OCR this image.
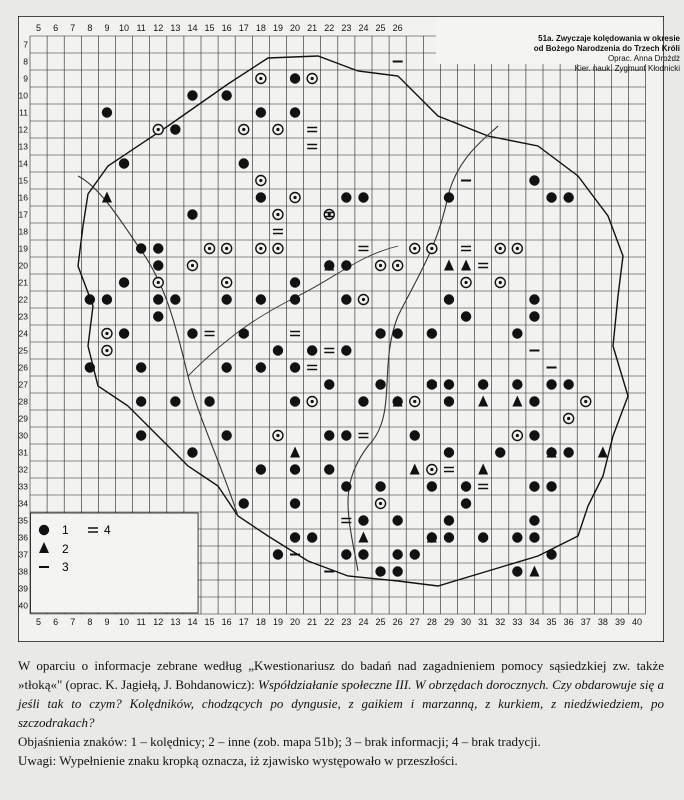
5 6 7 8 9 10 11 12 13 14 15 16 17 18 19 20 21 22 23 24 25 26
5 6 7 8 9 10 11 12 13 14 15 16 17 18 19 20 21 22 23 24 25 26 27 28 29 30 31 32 33 34 35 36 37 38 39 40
7
8
9
10
11
12
13
14
15
16
17
18
19
20
21
22
23
24
25
26
27
28
29
30
31
32
33
34
35
36
37
38
39
40
1	4
2
3
51a. Zwyczaje kolędowania w okresie
od Bożego Narodzenia do Trzech Króli
Oprac. Anna Drożdż
Kier. nauk. Zygmunt Kłodnicki

W oparciu o informacje zebrane według „Kwestionariusz do badań nad zagadnieniem pomocy sąsiedzkiej zw. także »tłoką«" (oprac. K. Jagiełą, J. Bohdanowicz): Współdziałanie społeczne III. W obrzędach dorocznych. Czy obdarowuje się a jeśli tak to czym? Kolędników, chodzących po dyngusie, z gaikiem i marzanną, z kurkiem, z niedźwiedziem, po szczodrakach?

Objaśnienia znaków: 1 – kolędnicy; 2 – inne (zob. mapa 51b); 3 – brak informacji; 4 – brak tradycji.

Uwagi: Wypełnienie znaku kropką oznacza, iż zjawisko występowało w przeszłości.
